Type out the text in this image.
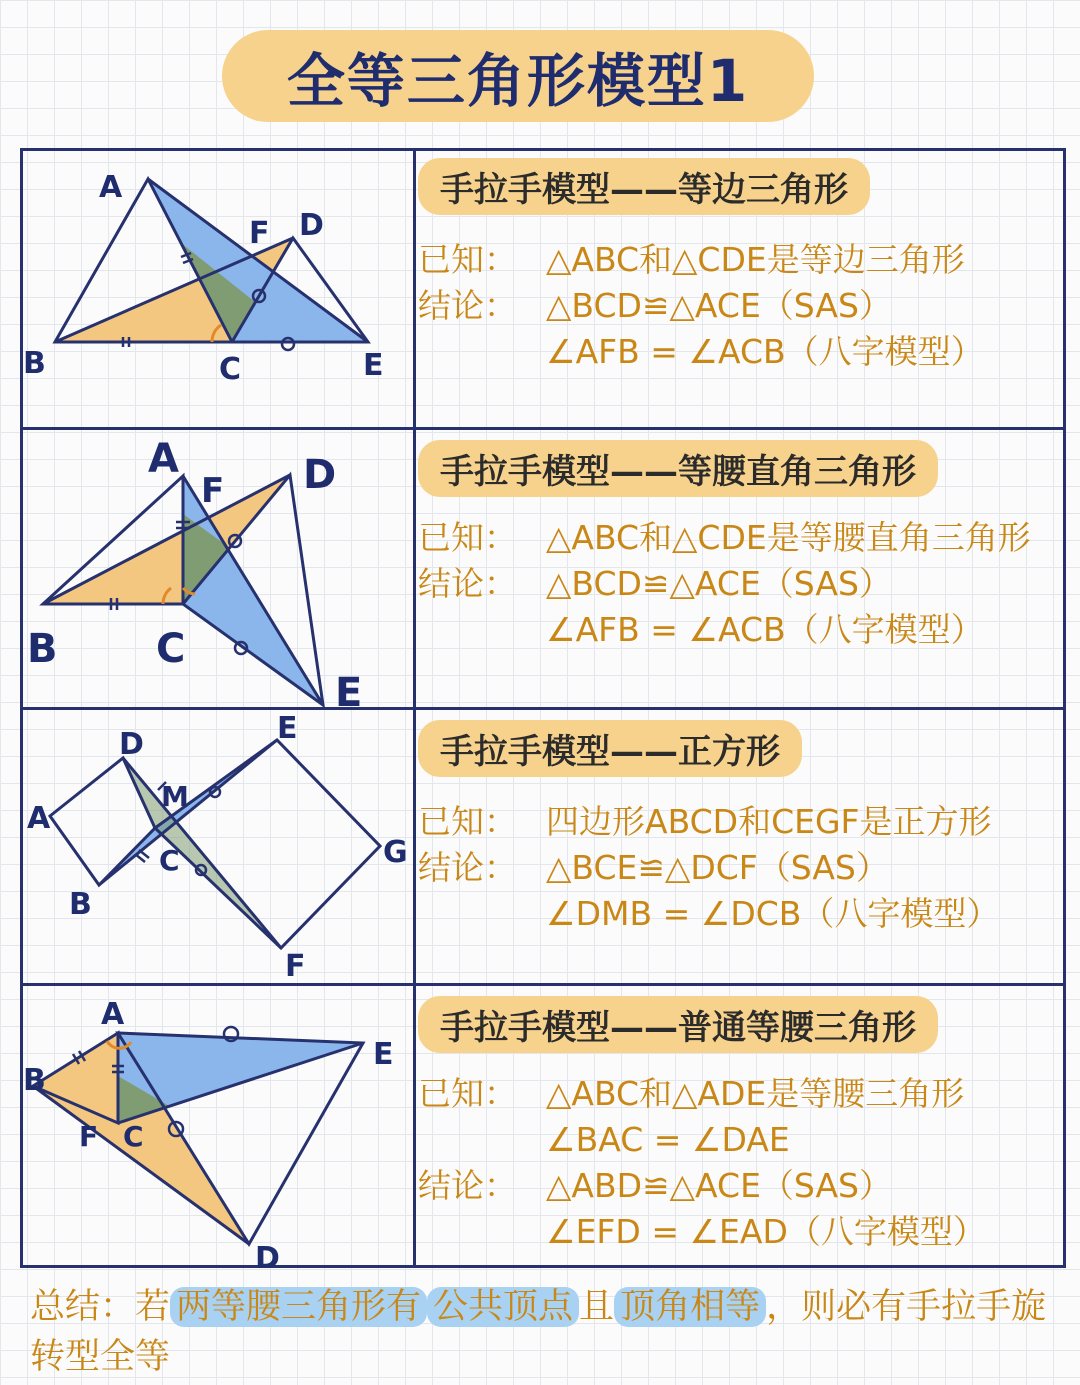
全等三角形模型1
A
B	C
D
E
F
A
B C
D
E
F
A
B
C
D	E
F
G
M
A
B
C
D
E
F
手拉手模型——等边三角形
已知： △ABC和△CDE是等边三角形
结论： △BCD≌△ACE（SAS）
∠AFB = ∠ACB（八字模型）
手拉手模型——等腰直角三角形
已知： △ABC和△CDE是等腰直角三角形
结论： △BCD≌△ACE（SAS）
∠AFB = ∠ACB（八字模型）
手拉手模型——正方形
已知： 四边形ABCD和CEGF是正方形
结论： △BCE≌△DCF（SAS）
∠DMB = ∠DCB（八字模型）
手拉手模型——普通等腰三角形
已知： △ABC和△ADE是等腰三角形
∠BAC = ∠DAE
结论： △ABD≌△ACE（SAS）
∠EFD = ∠EAD（八字模型）
总结：若 两等腰三角形有 公共顶点 且 顶角相等 ，则必有手拉手旋转型全等
